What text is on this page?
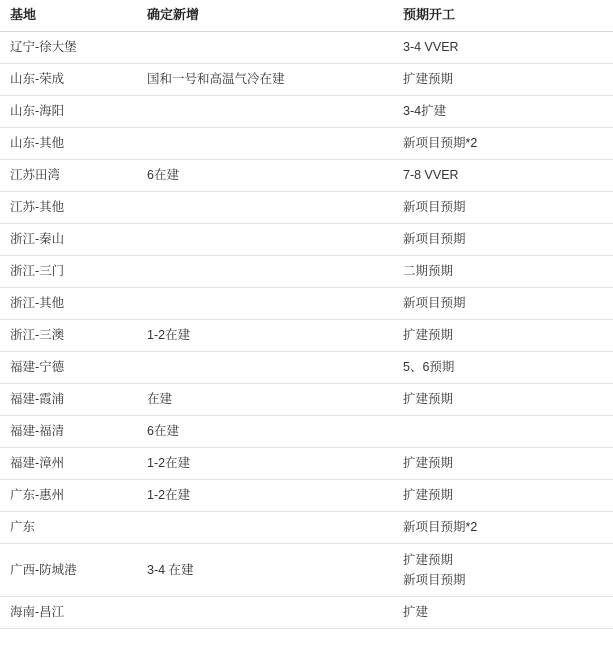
基地	确定新增	预期开工
辽宁-徐大堡		3-4 VVER

山东-荣成	国和一号和高温气冷在建	扩建预期

山东-海阳		3-4扩建

山东-其他		新项目预期*2

江苏田湾	6在建	7-8 VVER

江苏-其他		新项目预期

浙江-秦山		新项目预期

浙江-三门		二期预期

浙江-其他		新项目预期

浙江-三澳	1-2在建	扩建预期

福建-宁德		5、6预期

福建-霞浦	在建	扩建预期

福建-福清	6在建	

福建-漳州	1-2在建	扩建预期

广东-惠州	1-2在建	扩建预期

广东		新项目预期*2

广西-防城港	3-4 在建	扩建预期
新项目预期

海南-昌江		扩建
